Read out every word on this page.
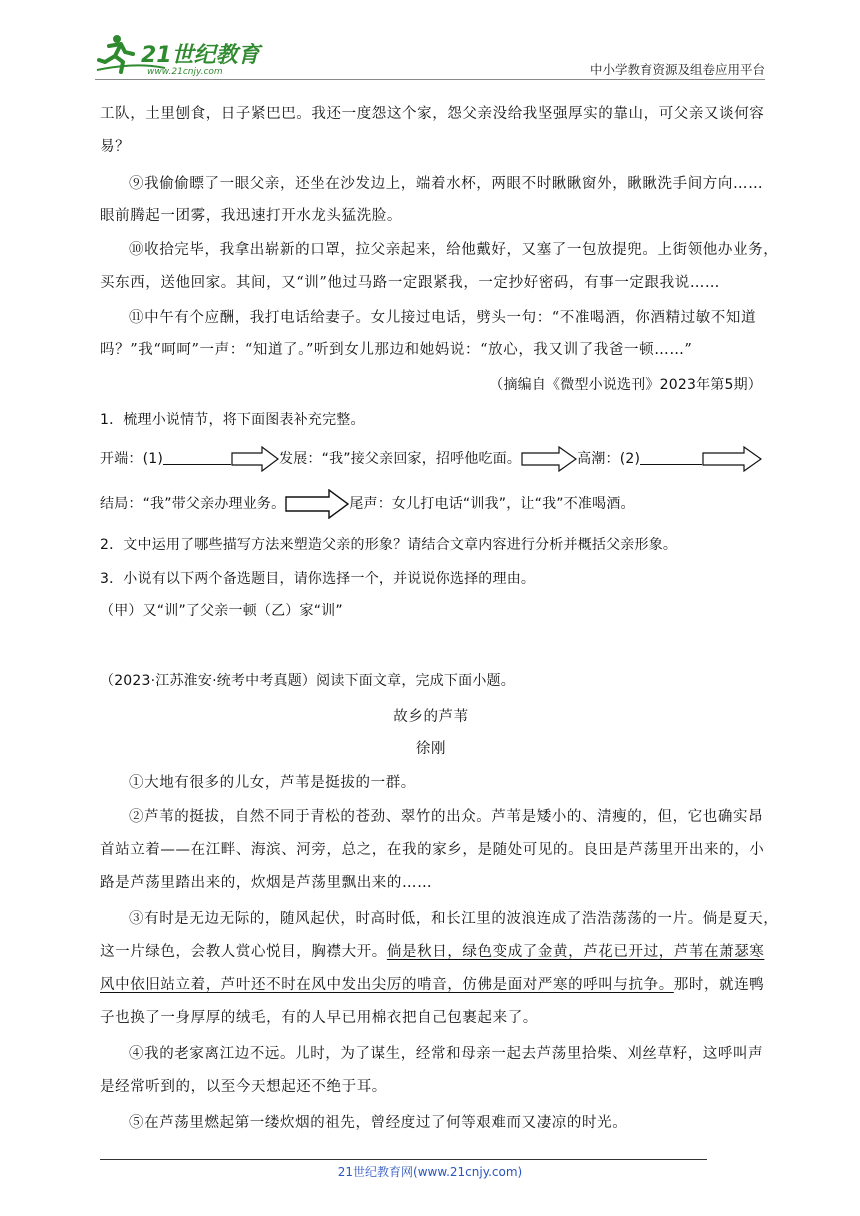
21世纪教育
www.21cnjy.com	中小学教育资源及组卷应用平台
工队，土里刨食，日子紧巴巴。我还一度怨这个家，怨父亲没给我坚强厚实的靠山，可父亲又谈何容
易？
⑨我偷偷瞟了一眼父亲，还坐在沙发边上，端着水杯，两眼不时瞅瞅窗外，瞅瞅洗手间方向……
眼前腾起一团雾，我迅速打开水龙头猛洗脸。
⑩收拾完毕，我拿出崭新的口罩，拉父亲起来，给他戴好，又塞了一包放提兜。上街领他办业务，
买东西，送他回家。其间，又“训”他过马路一定跟紧我，一定抄好密码，有事一定跟我说……
⑪中午有个应酬，我打电话给妻子。女儿接过电话，劈头一句：“不准喝酒，你酒精过敏不知道
吗？”我“呵呵”一声：“知道了。”听到女儿那边和她妈说：“放心，我又训了我爸一顿……”
（摘编自《微型小说选刊》2023年第5期）
1．梳理小说情节，将下面图表补充完整。
开端：(1)	发展：“我”接父亲回家，招呼他吃面。	高潮：(2)
结局：“我”带父亲办理业务。	尾声：女儿打电话“训我”，让“我”不准喝酒。
2．文中运用了哪些描写方法来塑造父亲的形象？请结合文章内容进行分析并概括父亲形象。
3．小说有以下两个备选题目，请你选择一个，并说说你选择的理由。
（甲）又“训”了父亲一顿（乙）家“训”
（2023·江苏淮安·统考中考真题）阅读下面文章，完成下面小题。
故乡的芦苇
徐刚
①大地有很多的儿女，芦苇是挺拔的一群。
②芦苇的挺拔，自然不同于青松的苍劲、翠竹的出众。芦苇是矮小的、清瘦的，但，它也确实昂
首站立着——在江畔、海滨、河旁，总之，在我的家乡，是随处可见的。良田是芦荡里开出来的，小
路是芦荡里踏出来的，炊烟是芦荡里飘出来的……
③有时是无边无际的，随风起伏，时高时低，和长江里的波浪连成了浩浩荡荡的一片。倘是夏天，
这一片绿色，会教人赏心悦目，胸襟大开。倘是秋日，绿色变成了金黄，芦花已开过，芦苇在萧瑟寒
风中依旧站立着，芦叶还不时在风中发出尖厉的啃音，仿佛是面对严寒的呼叫与抗争。那时，就连鸭
子也换了一身厚厚的绒毛，有的人早已用棉衣把自己包裹起来了。
④我的老家离江边不远。儿时，为了谋生，经常和母亲一起去芦荡里拾柴、刈丝草籽，这呼叫声
是经常听到的，以至今天想起还不绝于耳。
⑤在芦荡里燃起第一缕炊烟的祖先，曾经度过了何等艰难而又凄凉的时光。
21世纪教育网(www.21cnjy.com)
